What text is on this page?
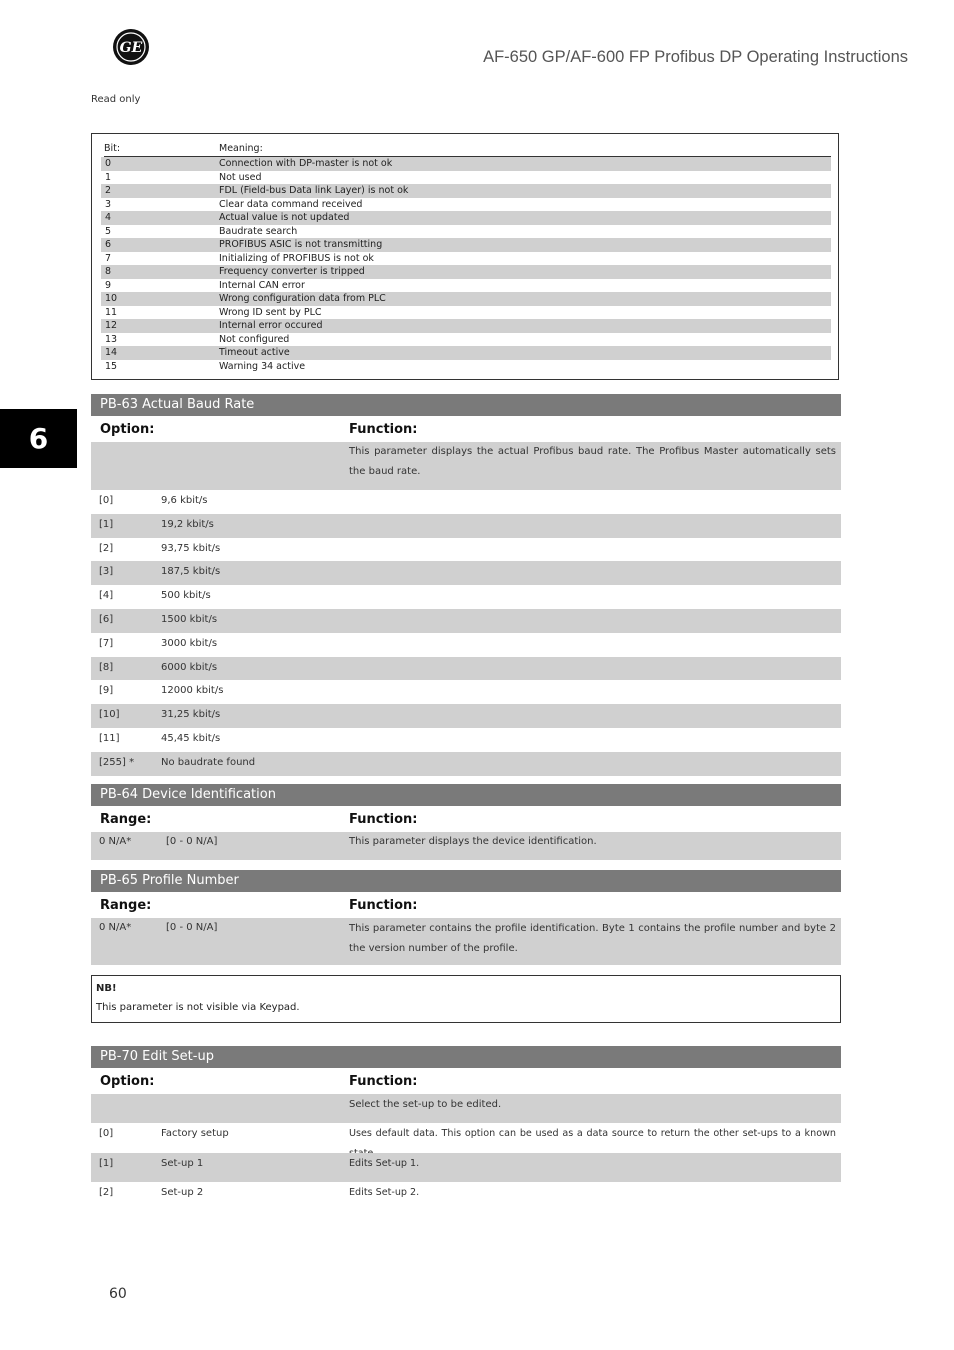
GE	AF-650 GP/AF-600 FP Profibus DP Operating Instructions
Read only
6
Bit:	Meaning:
0	Connection with DP-master is not ok
1	Not used
2	FDL (Field-bus Data link Layer) is not ok
3	Clear data command received
4	Actual value is not updated
5	Baudrate search
6	PROFIBUS ASIC is not transmitting
7	Initializing of PROFIBUS is not ok
8	Frequency converter is tripped
9	Internal CAN error
10	Wrong configuration data from PLC
11	Wrong ID sent by PLC
12	Internal error occured
13	Not configured
14	Timeout active
15	Warning 34 active
PB-63 Actual Baud Rate
Option:	Function:
This parameter displays the actual Profibus baud rate. The Profibus Master automatically sets the baud rate.
[0]	9,6 kbit/s
[1]	19,2 kbit/s
[2]	93,75 kbit/s
[3]	187,5 kbit/s
[4]	500 kbit/s
[6]	1500 kbit/s
[7]	3000 kbit/s
[8]	6000 kbit/s
[9]	12000 kbit/s
[10]	31,25 kbit/s
[11]	45,45 kbit/s
[255] *	No baudrate found
PB-64 Device Identification
Range:	Function:
0 N/A*	[0 - 0 N/A]	This parameter displays the device identification.
PB-65 Profile Number
Range:	Function:
0 N/A*	[0 - 0 N/A]	This parameter contains the profile identification. Byte 1 contains the profile number and byte 2 the version number of the profile.
NB!
This parameter is not visible via Keypad.
PB-70 Edit Set-up
Option:	Function:
Select the set-up to be edited.
[0]	Factory setup	Uses default data. This option can be used as a data source to return the other set-ups to a known
[1]	Set-up 1	Edits Set-up 1.
[2]	Set-up 2	Edits Set-up 2.
60
